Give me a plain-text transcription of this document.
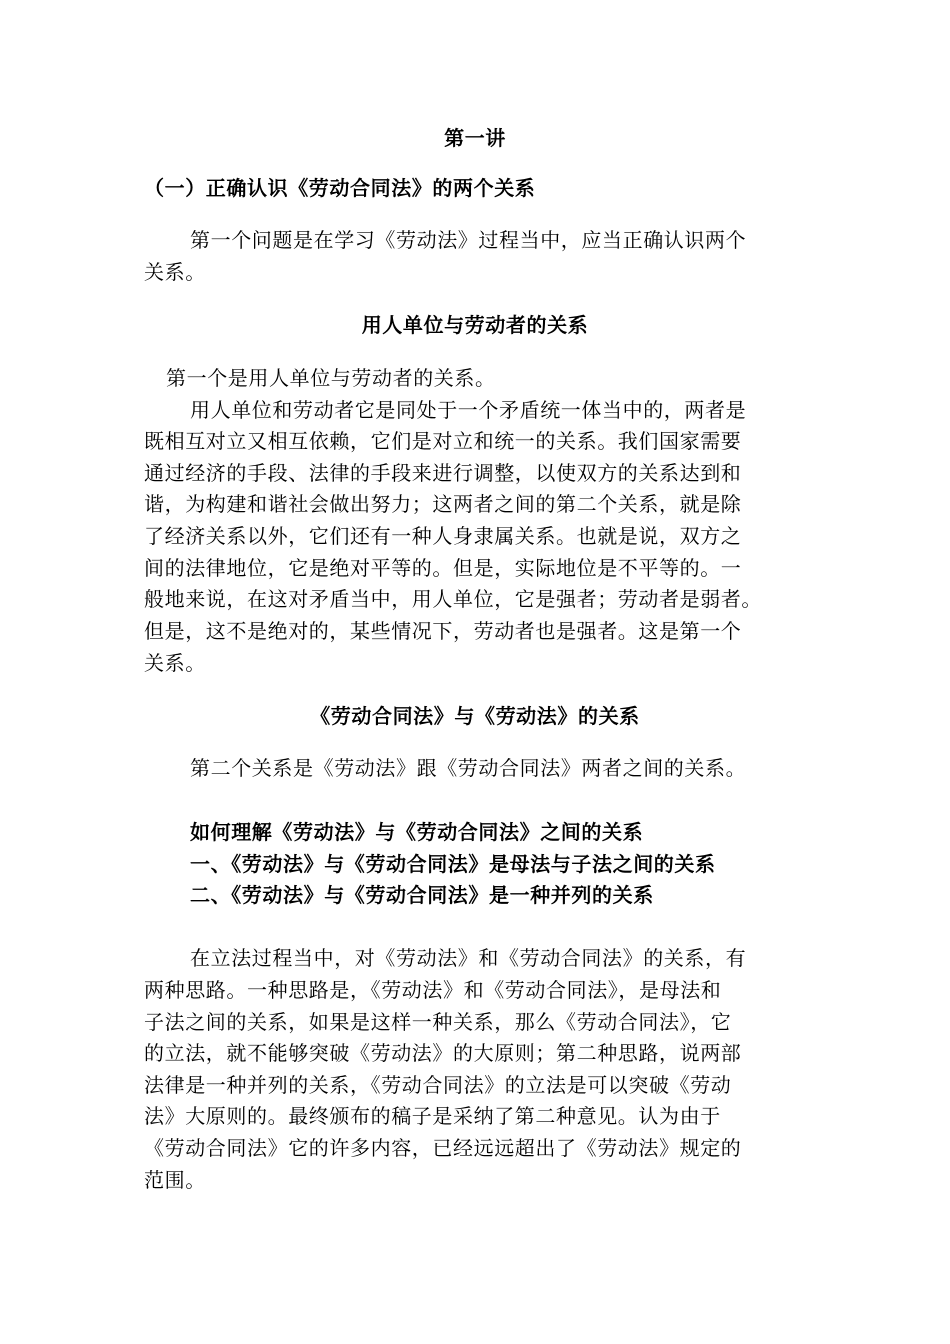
第一讲
（一）正确认识《劳动合同法》的两个关系
第一个问题是在学习《劳动法》过程当中，应当正确认识两个
关系。
用人单位与劳动者的关系
第一个是用人单位与劳动者的关系。
用人单位和劳动者它是同处于一个矛盾统一体当中的，两者是
既相互对立又相互依赖，它们是对立和统一的关系。我们国家需要
通过经济的手段、法律的手段来进行调整，以使双方的关系达到和
谐，为构建和谐社会做出努力；这两者之间的第二个关系，就是除
了经济关系以外，它们还有一种人身隶属关系。也就是说，双方之
间的法律地位，它是绝对平等的。但是，实际地位是不平等的。一
般地来说，在这对矛盾当中，用人单位，它是强者；劳动者是弱者。
但是，这不是绝对的，某些情况下，劳动者也是强者。这是第一个
关系。
《劳动合同法》与《劳动法》的关系
第二个关系是《劳动法》跟《劳动合同法》两者之间的关系。
如何理解《劳动法》与《劳动合同法》之间的关系
一、《劳动法》与《劳动合同法》是母法与子法之间的关系
二、《劳动法》与《劳动合同法》是一种并列的关系
在立法过程当中，对《劳动法》和《劳动合同法》的关系，有
两种思路。一种思路是，《劳动法》和《劳动合同法》，是母法和
子法之间的关系，如果是这样一种关系，那么《劳动合同法》，它
的立法，就不能够突破《劳动法》的大原则；第二种思路，说两部
法律是一种并列的关系，《劳动合同法》的立法是可以突破《劳动
法》大原则的。最终颁布的稿子是采纳了第二种意见。认为由于
《劳动合同法》它的许多内容，已经远远超出了《劳动法》规定的
范围。
